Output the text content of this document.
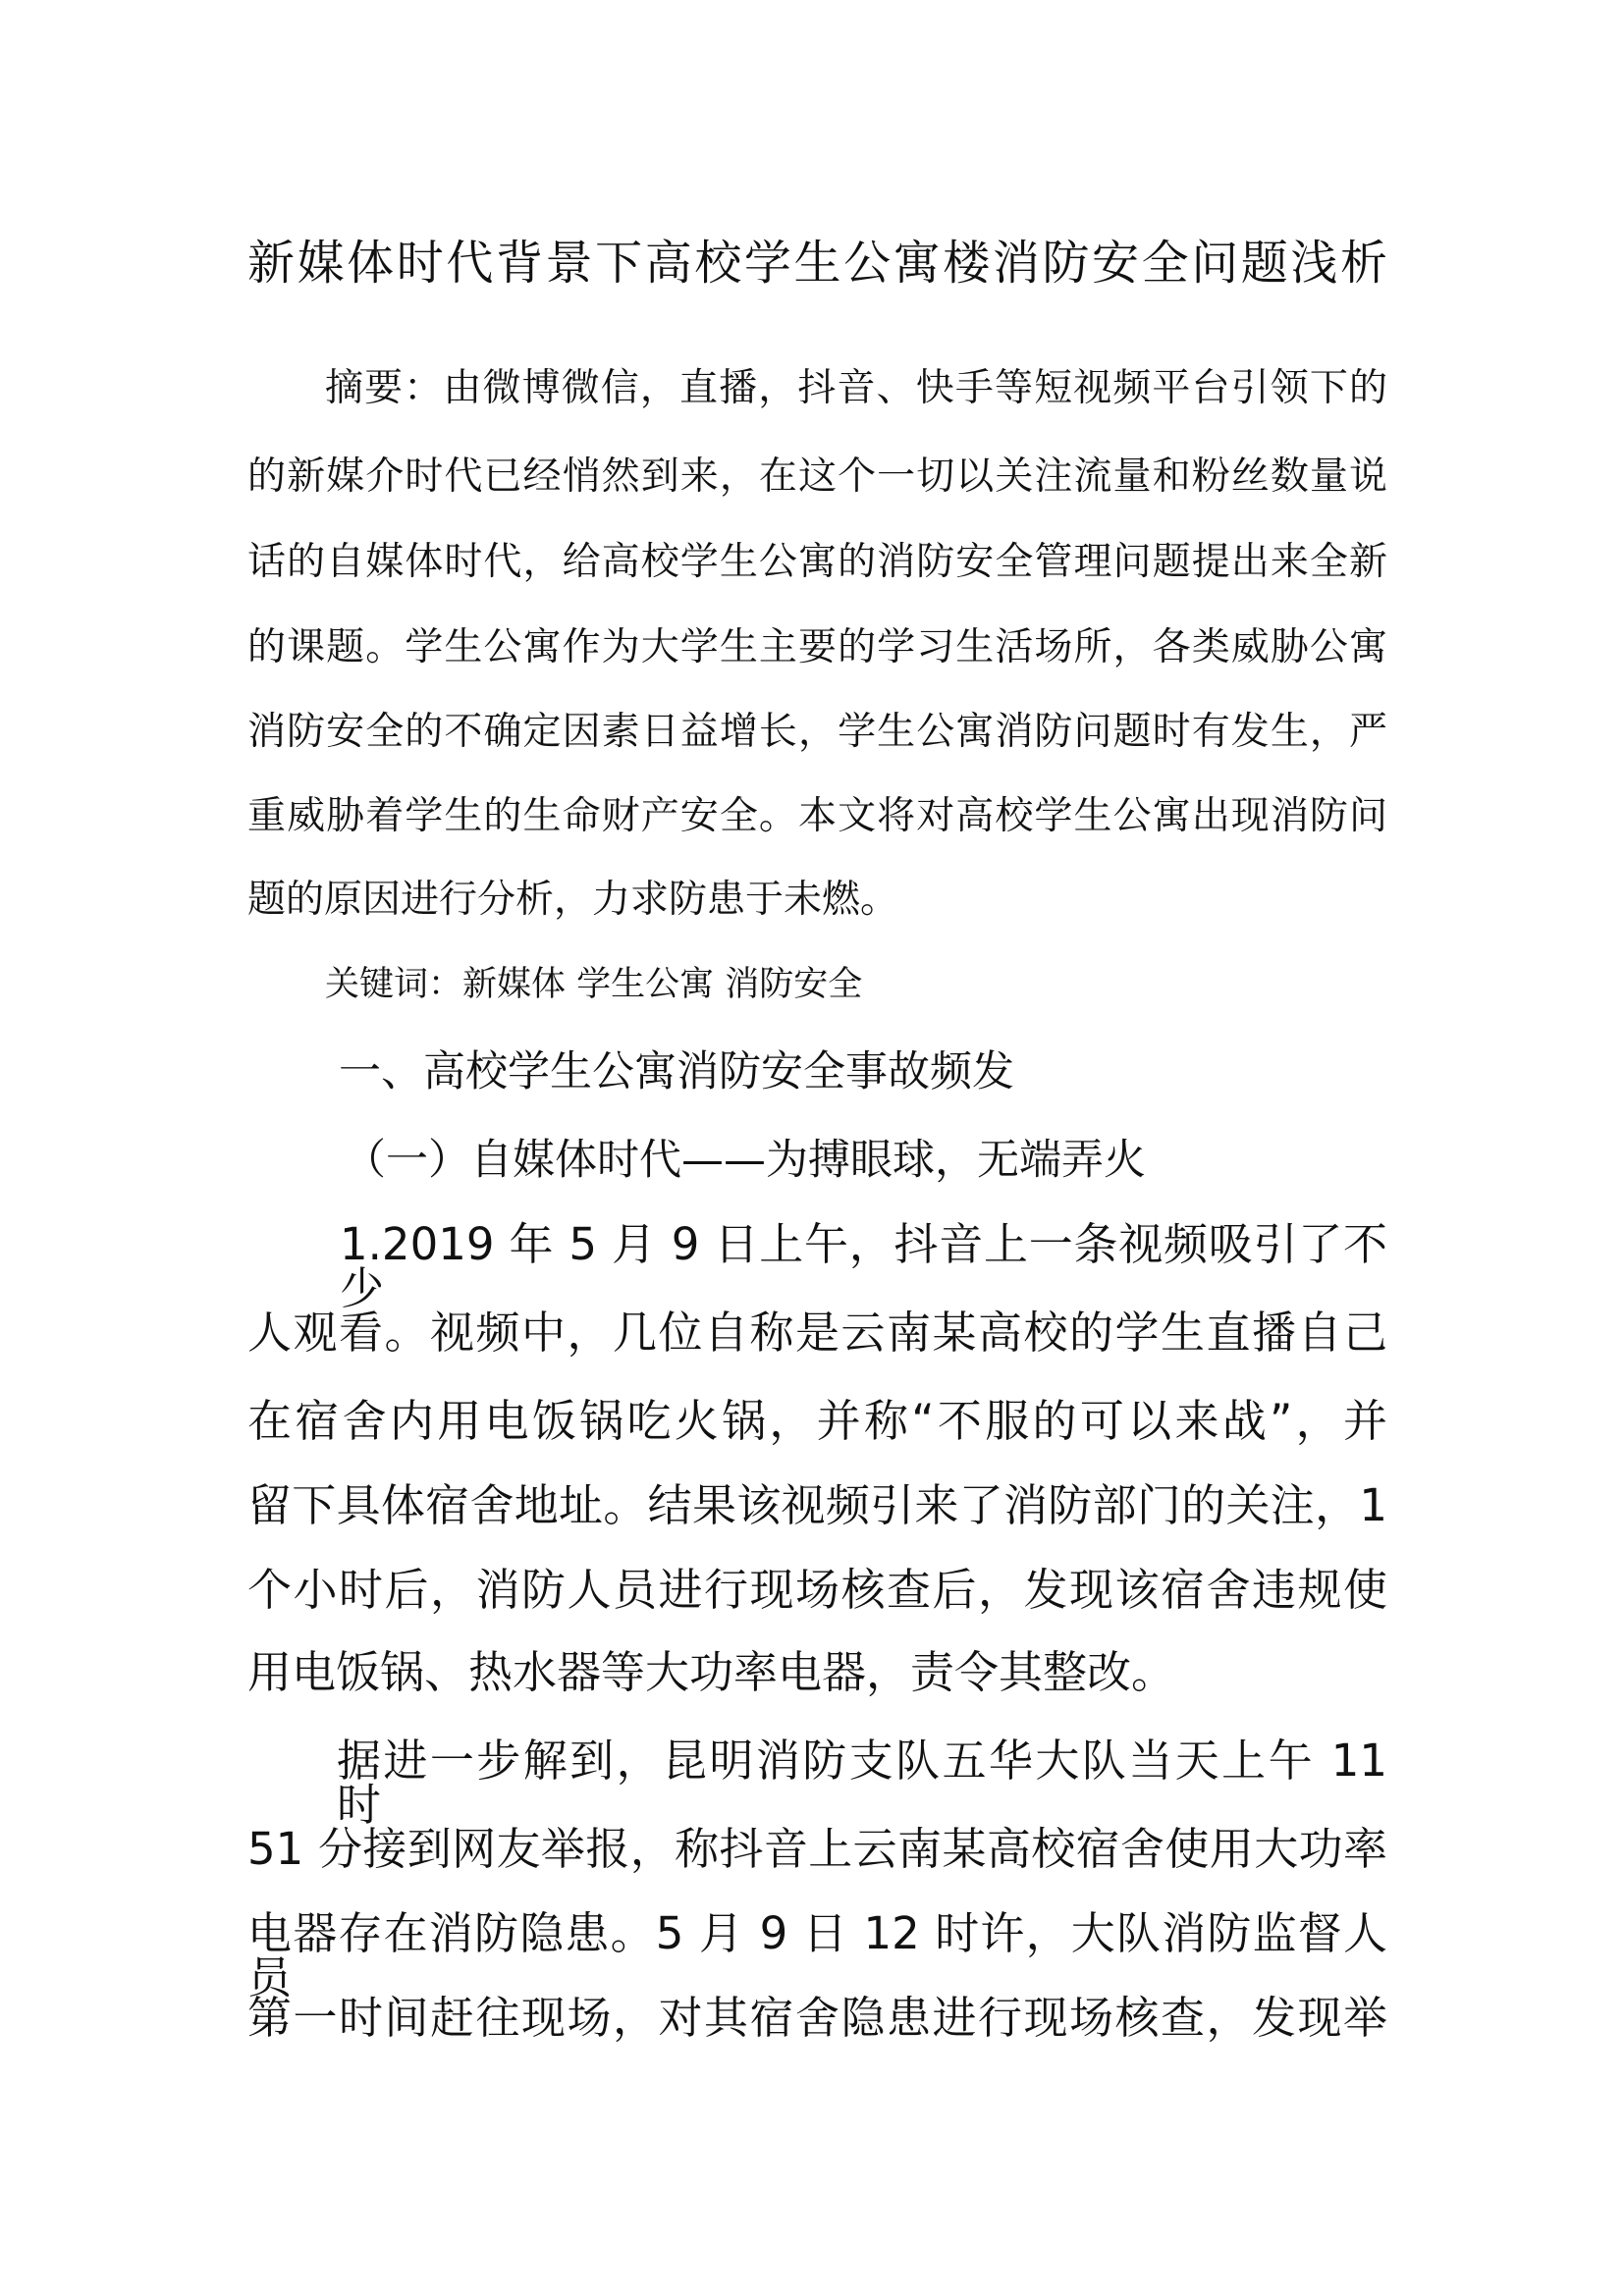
新媒体时代背景下高校学生公寓楼消防安全问题浅析
摘要：由微博微信，直播，抖音、快手等短视频平台引领下的
的新媒介时代已经悄然到来，在这个一切以关注流量和粉丝数量说
话的自媒体时代，给高校学生公寓的消防安全管理问题提出来全新
的课题。学生公寓作为大学生主要的学习生活场所，各类威胁公寓
消防安全的不确定因素日益增长，学生公寓消防问题时有发生，严
重威胁着学生的生命财产安全。本文将对高校学生公寓出现消防问
题的原因进行分析，力求防患于未燃。
关键词：新媒体 学生公寓 消防安全
一、高校学生公寓消防安全事故频发
（一）自媒体时代——为搏眼球，无端弄火
1.2019 年 5 月 9 日上午，抖音上一条视频吸引了不少
人观看。视频中，几位自称是云南某高校的学生直播自己
在宿舍内用电饭锅吃火锅，并称“不服的可以来战”，并
留下具体宿舍地址。结果该视频引来了消防部门的关注，1
个小时后，消防人员进行现场核查后，发现该宿舍违规使
用电饭锅、热水器等大功率电器，责令其整改。
据进一步解到，昆明消防支队五华大队当天上午 11 时
51 分接到网友举报，称抖音上云南某高校宿舍使用大功率
电器存在消防隐患。5 月 9 日 12 时许，大队消防监督人员
第一时间赶往现场，对其宿舍隐患进行现场核查，发现举
